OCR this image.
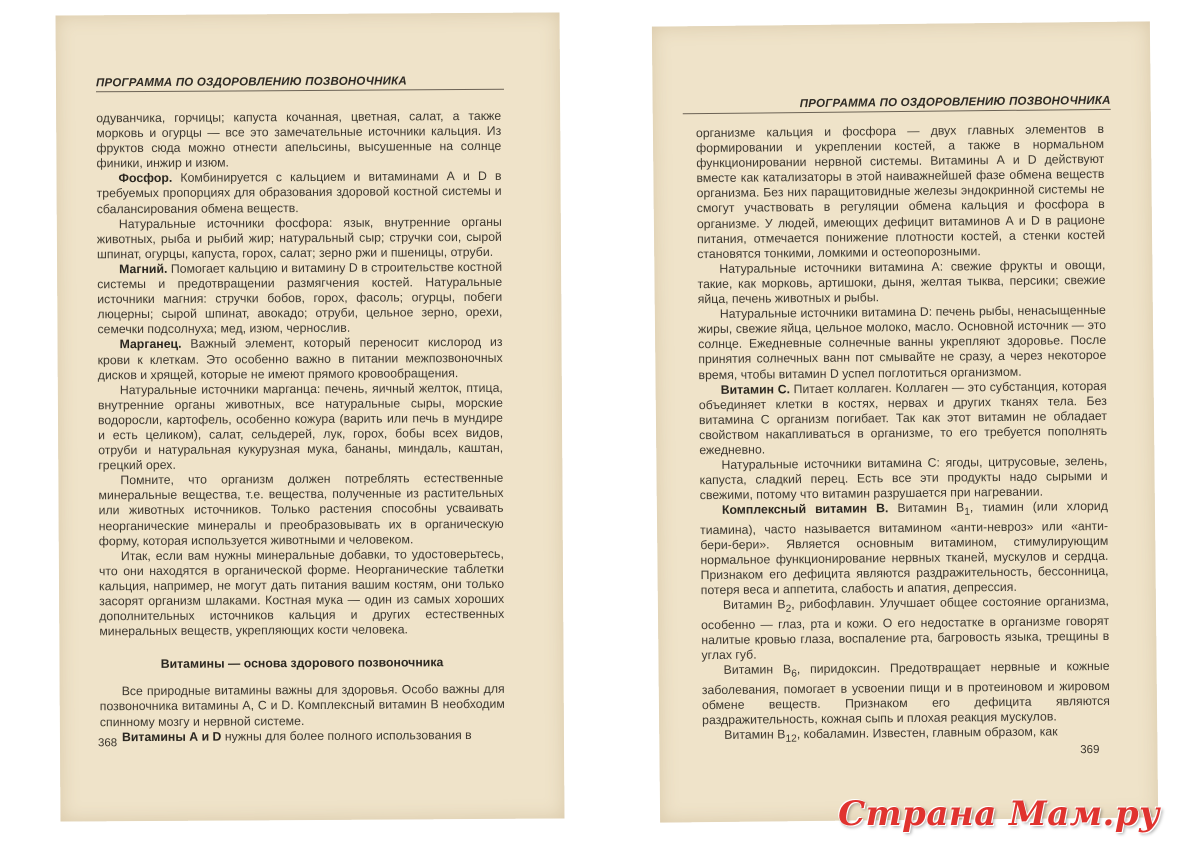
ПРОГРАММА ПО ОЗДОРОВЛЕНИЮ ПОЗВОНОЧНИКА

одуванчика, горчицы; капуста кочанная, цветная, салат, а также морковь и огурцы — все это замечательные источники кальция. Из фруктов сюда можно отнести апельсины, высушенные на солнце финики, инжир и изюм.

Фосфор. Комбинируется с кальцием и витаминами А и D в требуемых пропорциях для образования здоровой костной системы и сбалансирования обмена веществ.

Натуральные источники фосфора: язык, внутренние органы животных, рыба и рыбий жир; натуральный сыр; стручки сои, сырой шпинат, огурцы, капуста, горох, салат; зерно ржи и пшеницы, отруби.

Магний. Помогает кальцию и витамину D в строительстве костной системы и предотвращении размягчения костей. Натуральные источники магния: стручки бобов, горох, фасоль; огурцы, побеги люцерны; сырой шпинат, авокадо; отруби, цельное зерно, орехи, семечки подсолнуха; мед, изюм, чернослив.

Марганец. Важный элемент, который переносит кислород из крови к клеткам. Это особенно важно в питании межпозвоночных дисков и хрящей, которые не имеют прямого кровообращения.

Натуральные источники марганца: печень, яичный желток, птица, внутренние органы животных, все натуральные сыры, морские водоросли, картофель, особенно кожура (варить или печь в мундире и есть целиком), салат, сельдерей, лук, горох, бобы всех видов, отруби и натуральная кукурузная мука, бананы, миндаль, каштан, грецкий орех.

Помните, что организм должен потреблять естественные минеральные вещества, т.е. вещества, полученные из растительных или животных источников. Только растения способны усваивать неорганические минералы и преобразовывать их в органическую форму, которая используется животными и человеком.

Итак, если вам нужны минеральные добавки, то удостоверьтесь, что они находятся в органической форме. Неорганические таблетки кальция, например, не могут дать питания вашим костям, они только засорят организм шлаками. Костная мука — один из самых хороших дополнительных источников кальция и других естественных минеральных веществ, укрепляющих кости человека.

Витамины — основа здорового позвоночника

Все природные витамины важны для здоровья. Особо важны для позвоночника витамины А, С и D. Комплексный витамин В необходим спинному мозгу и нервной системе.

Витамины А и D нужны для более полного использования в

368
ПРОГРАММА ПО ОЗДОРОВЛЕНИЮ ПОЗВОНОЧНИКА

организме кальция и фосфора — двух главных элементов в формировании и укреплении костей, а также в нормальном функционировании нервной системы. Витамины А и D действуют вместе как катализаторы в этой наиважнейшей фазе обмена веществ организма. Без них паращитовидные железы эндокринной системы не смогут участвовать в регуляции обмена кальция и фосфора в организме. У людей, имеющих дефицит витаминов А и D в рационе питания, отмечается понижение плотности костей, а стенки костей становятся тонкими, ломкими и остеопорозными.

Натуральные источники витамина А: свежие фрукты и овощи, такие, как морковь, артишоки, дыня, желтая тыква, персики; свежие яйца, печень животных и рыбы.

Натуральные источники витамина D: печень рыбы, ненасыщенные жиры, свежие яйца, цельное молоко, масло. Основной источник — это солнце. Ежедневные солнечные ванны укрепляют здоровье. После принятия солнечных ванн пот смывайте не сразу, а через некоторое время, чтобы витамин D успел поглотиться организмом.

Витамин С. Питает коллаген. Коллаген — это субстанция, которая объединяет клетки в костях, нервах и других тканях тела. Без витамина С организм погибает. Так как этот витамин не обладает свойством накапливаться в организме, то его требуется пополнять ежедневно.

Натуральные источники витамина С: ягоды, цитрусовые, зелень, капуста, сладкий перец. Есть все эти продукты надо сырыми и свежими, потому что витамин разрушается при нагревании.

Комплексный витамин В. Витамин $В_1$, тиамин (или хлорид тиамина), часто называется витамином «анти-невроз» или «анти-бери-бери». Является основным витамином, стимулирующим нормальное функционирование нервных тканей, мускулов и сердца. Признаком его дефицита являются раздражительность, бессонница, потеря веса и аппетита, слабость и апатия, депрессия.

Витамин $В_2$, рибофлавин. Улучшает общее состояние организма, особенно — глаз, рта и кожи. О его недостатке в организме говорят налитые кровью глаза, воспаление рта, багровость языка, трещины в углах губ.

Витамин $В_6$, пиридоксин. Предотвращает нервные и кожные заболевания, помогает в усвоении пищи и в протеиновом и жировом обмене веществ. Признаком его дефицита являются раздражительность, кожная сыпь и плохая реакция мускулов.

Витамин $В_{12}$, кобаламин. Известен, главным образом, как

369
Страна Мам.ру
